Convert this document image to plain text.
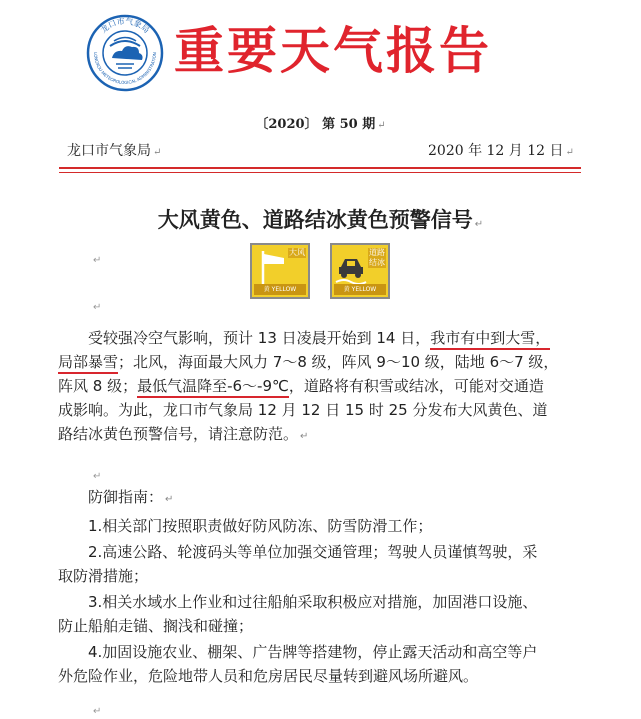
龙口市气象局
LONGKOU METEOROLOGICAL ADMINISTRATION 重要天气报告
〔2020〕 第 50 期 ↵
龙口市气象局 ↵	2020 年 12 月 12 日 ↵
大风黄色、道路结冰黄色预警信号 ↵
↵
↵
↵
↵
大风
黄 YELLOW
道路结冰
黄 YELLOW
受较强冷空气影响，预计 13 日凌晨开始到 14 日，我市有中到大雪，
局部暴雪；北风，海面最大风力 7～8 级，阵风 9～10 级，陆地 6～7 级，
阵风 8 级；最低气温降至-6～-9℃，道路将有积雪或结冰，可能对交通造
成影响。为此，龙口市气象局 12 月 12 日 15 时 25 分发布大风黄色、道
路结冰黄色预警信号，请注意防范。 ↵
防御指南： ↵
1.相关部门按照职责做好防风防冻、防雪防滑工作；
2.高速公路、轮渡码头等单位加强交通管理；驾驶人员谨慎驾驶，采
取防滑措施；
3.相关水域水上作业和过往船舶采取积极应对措施，加固港口设施、
防止船舶走锚、搁浅和碰撞；
4.加固设施农业、棚架、广告牌等搭建物，停止露天活动和高空等户
外危险作业，危险地带人员和危房居民尽量转到避风场所避风。
